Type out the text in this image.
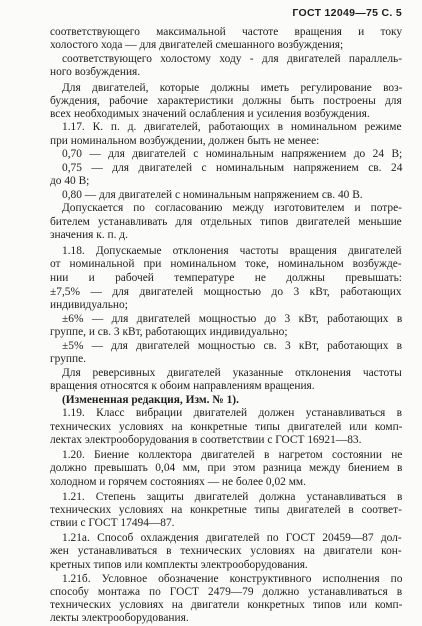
ГОСТ 12049—75 С. 5
соответствующего максимальной частоте вращения и току
холостого хода — для двигателей смешанного возбуждения;
соответствующего холостому ходу - для двигателей параллель-
ного возбуждения.
Для двигателей, которые должны иметь регулирование воз-
буждения, рабочие характеристики должны быть построены для
всех необходимых значений ослабления и усиления возбуждения.
1.17. К. п. д. двигателей, работающих в номинальном режиме
при номинальном возбуждении, должен быть не менее:
0,70 — для двигателей с номинальным напряжением до 24 В;
0,75 — для двигателей с номинальным напряжением св. 24
до 40 В;
0,80 — для двигателей с номинальным напряжением св. 40 В.
Допускается по согласованию между изготовителем и потре-
бителем устанавливать для отдельных типов двигателей меньшие
значения к. п. д.
1.18. Допускаемые отклонения частоты вращения двигателей
от номинальной при номинальном токе, номинальном возбужде-
нии и рабочей температуре не должны превышать:
±7,5% — для двигателей мощностью до 3 кВт, работающих
индивидуально;
±6% — для двигателей мощностью до 3 кВт, работающих в
группе, и св. 3 кВт, работающих индивидуально;
±5% — для двигателей мощностью св. 3 кВт, работающих в
группе.
Для реверсивных двигателей указанные отклонения частоты
вращения относятся к обоим направлениям вращения.
(Измененная редакция, Изм. № 1).
1.19. Класс вибрации двигателей должен устанавливаться в
технических условиях на конкретные типы двигателей или комп-
лектах электрооборудования в соответствии с ГОСТ 16921—83.
1.20. Биение коллектора двигателей в нагретом состоянии не
должно превышать 0,04 мм, при этом разница между биением в
холодном и горячем состояниях — не более 0,02 мм.
1.21. Степень защиты двигателей должна устанавливаться в
технических условиях на конкретные типы двигателей в соответ-
ствии с ГОСТ 17494—87.
1.21а. Способ охлаждения двигателей по ГОСТ 20459—87 дол-
жен устанавливаться в технических условиях на двигатели кон-
кретных типов или комплекты электрооборудования.
1.21б. Условное обозначение конструктивного исполнения по
способу монтажа по ГОСТ 2479—79 должно устанавливаться в
технических условиях на двигатели конкретных типов или комп-
лекты электрооборудования.
